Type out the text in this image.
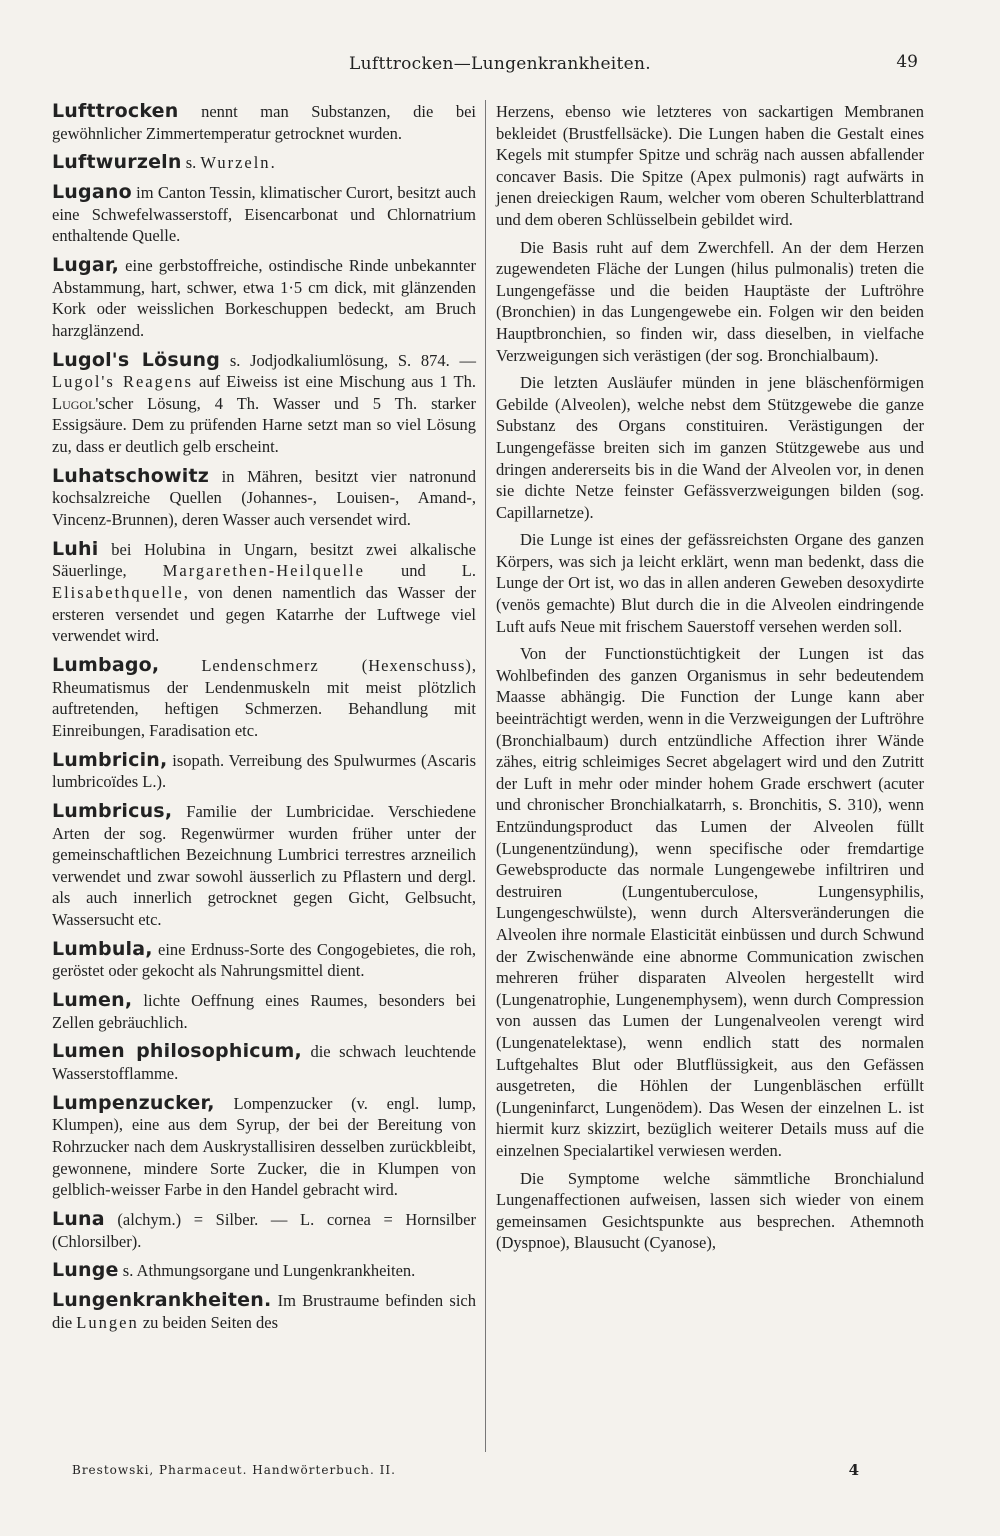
Lufttrocken—Lungenkrankheiten.	49

Lufttrocken nennt man Substanzen, die bei gewöhnlicher Zimmertemperatur getrocknet wurden.

Luftwurzeln s. Wurzeln.

Lugano im Canton Tessin, klimatischer Curort, besitzt auch eine Schwefelwasserstoff, Eisencarbonat und Chlornatrium enthaltende Quelle.

Lugar, eine gerbstoffreiche, ostindische Rinde unbekannter Abstammung, hart, schwer, etwa 1·5 cm dick, mit glänzenden Kork oder weisslichen Borkeschuppen bedeckt, am Bruch harzglänzend.

Lugol's Lösung s. Jodjodkaliumlösung, S. 874. — Lugol's Reagens auf Eiweiss ist eine Mischung aus 1 Th. Lugol'scher Lösung, 4 Th. Wasser und 5 Th. starker Essigsäure. Dem zu prüfenden Harne setzt man so viel Lösung zu, dass er deutlich gelb erscheint.

Luhatschowitz in Mähren, besitzt vier natronund kochsalzreiche Quellen (Johannes-, Louisen-, Amand-, Vincenz-Brunnen), deren Wasser auch versendet wird.

Luhi bei Holubina in Ungarn, besitzt zwei alkalische Säuerlinge, Margarethen-Heilquelle und L. Elisabethquelle, von denen namentlich das Wasser der ersteren versendet und gegen Katarrhe der Luftwege viel verwendet wird.

Lumbago,	Lendenschmerz (Hexenschuss), Rheumatismus der Lendenmuskeln mit meist plötzlich auftretenden, heftigen Schmerzen. Behandlung mit Einreibungen, Faradisation etc.

Lumbricin, isopath. Verreibung des Spulwurmes (Ascaris lumbricoïdes L.).

Lumbricus, Familie der Lumbricidae. Verschiedene Arten der sog. Regenwürmer wurden früher unter der gemeinschaftlichen Bezeichnung Lumbrici terrestres arzneilich verwendet und zwar sowohl äusserlich zu Pflastern und dergl. als auch innerlich getrocknet gegen Gicht, Gelbsucht, Wassersucht etc.

Lumbula, eine Erdnuss-Sorte des Congogebietes, die roh, geröstet oder gekocht als Nahrungsmittel dient.

Lumen, lichte Oeffnung eines Raumes, besonders bei Zellen gebräuchlich.

Lumen philosophicum, die schwach leuchtende Wasserstofflamme.

Lumpenzucker, Lompenzucker (v. engl. lump, Klumpen), eine aus dem Syrup, der bei der Bereitung von Rohrzucker nach dem Auskrystallisiren desselben zurückbleibt, gewonnene, mindere Sorte Zucker, die in Klumpen von gelblich-weisser Farbe in den Handel gebracht wird.

Luna (alchym.) = Silber. — L. cornea = Hornsilber (Chlorsilber).

Lunge s. Athmungsorgane und Lungenkrankheiten.

Lungenkrankheiten. Im Brustraume befinden sich die Lungen zu beiden Seiten des

Herzens, ebenso wie letzteres von sackartigen Membranen bekleidet (Brustfellsäcke). Die Lungen haben die Gestalt eines Kegels mit stumpfer Spitze und schräg nach aussen abfallender concaver Basis. Die Spitze (Apex pulmonis) ragt aufwärts in jenen dreieckigen Raum, welcher vom oberen Schulterblattrand und dem oberen Schlüsselbein gebildet wird.

Die Basis ruht auf dem Zwerchfell. An der dem Herzen zugewendeten Fläche der Lungen (hilus pulmonalis) treten die Lungengefässe und die beiden Hauptäste der Luftröhre (Bronchien) in das Lungengewebe ein. Folgen wir den beiden Hauptbronchien, so finden wir, dass dieselben, in vielfache Verzweigungen sich verästigen (der sog. Bronchialbaum).

Die letzten Ausläufer münden in jene bläschenförmigen Gebilde (Alveolen), welche nebst dem Stützgewebe die ganze Substanz des Organs constituiren. Verästigungen der Lungengefässe breiten sich im ganzen Stützgewebe aus und dringen andererseits bis in die Wand der Alveolen vor, in denen sie dichte Netze feinster Gefässverzweigungen bilden (sog. Capillarnetze).

Die Lunge ist eines der gefässreichsten Organe des ganzen Körpers, was sich ja leicht erklärt, wenn man bedenkt, dass die Lunge der Ort ist, wo das in allen anderen Geweben desoxydirte (venös gemachte) Blut durch die in die Alveolen eindringende Luft aufs Neue mit frischem Sauerstoff versehen werden soll.

Von der Functionstüchtigkeit der Lungen ist das Wohlbefinden des ganzen Organismus in sehr bedeutendem Maasse abhängig. Die Function der Lunge kann aber beeinträchtigt werden, wenn in die Verzweigungen der Luftröhre (Bronchialbaum) durch entzündliche Affection ihrer Wände zähes, eitrig schleimiges Secret abgelagert wird und den Zutritt der Luft in mehr oder minder hohem Grade erschwert (acuter und chronischer Bronchialkatarrh, s. Bronchitis, S. 310), wenn Entzündungsproduct das Lumen der Alveolen füllt (Lungenentzündung), wenn specifische oder fremdartige Gewebsproducte das normale Lungengewebe infiltriren und destruiren (Lungentuberculose, Lungensyphilis, Lungengeschwülste), wenn durch Altersveränderungen die Alveolen ihre normale Elasticität einbüssen und durch Schwund der Zwischenwände eine abnorme Communication zwischen mehreren früher disparaten Alveolen hergestellt wird (Lungenatrophie, Lungenemphysem), wenn durch Compression von aussen das Lumen der Lungenalveolen verengt wird (Lungenatelektase), wenn endlich statt des normalen Luftgehaltes Blut oder Blutflüssigkeit, aus den Gefässen ausgetreten, die Höhlen der Lungenbläschen erfüllt (Lungeninfarct, Lungenödem). Das Wesen der einzelnen L. ist hiermit kurz skizzirt, bezüglich weiterer Details muss auf die einzelnen Specialartikel verwiesen werden.

Die Symptome welche sämmtliche Bronchialund Lungenaffectionen aufweisen, lassen sich wieder von einem gemeinsamen Gesichtspunkte aus besprechen. Athemnoth (Dyspnoe), Blausucht (Cyanose),

Brestowski, Pharmaceut. Handwörterbuch. II.	4
